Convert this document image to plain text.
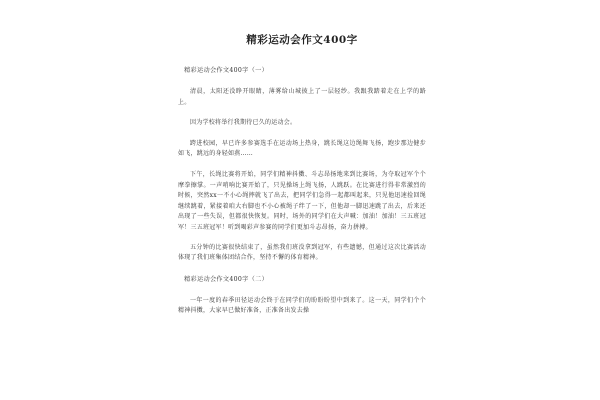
精彩运动会作文400字
精彩运动会作文400字（一）

清晨，太阳还没睁开眼睛，薄雾给山城披上了一层轻纱。我跟我踏着走在上学的路上。

因为学校将举行我期待已久的运动会。

跨进校园，早已许多参赛选手在运动场上热身，跳长绳这边绳舞飞扬，跑步那边健步如飞，跳远的身轻如燕……

下午，长绳比赛将开始，同学们精神抖擞、斗志昂扬地来到比赛场，为夺取冠军个个摩拳擦掌。一声哨响比赛开始了，只见操场上绳飞扬，人跳跃。在比赛进行得非常激烈的时候，突然xx一不小心绳摔就飞了出去，把同学们急得一起都叫起来，只见他迅速捡回绳继续跳着，紧接着咱大右脚也不小心被绳子绊了一下，但他却一脚迅速跳了出去，后来还出现了一些失误，但都很快恢复。同时，场外的同学们在大声喊：加油！加油！三五班冠军！三五班冠军！听到喝彩声参赛的同学们更加斗志昂扬，奋力拼搏。

五分钟的比赛很快结束了，虽然我们班没拿到冠军，有些遗憾，但通过这次比赛活动体现了我们班集体团结合作，坚持不懈的体育精神。

精彩运动会作文400字（二）

一年一度的春季田径运动会终于在同学们的盼盼盼望中到来了。这一天，同学们个个精神抖擞，大家早已做好准备，正准备出发去操
